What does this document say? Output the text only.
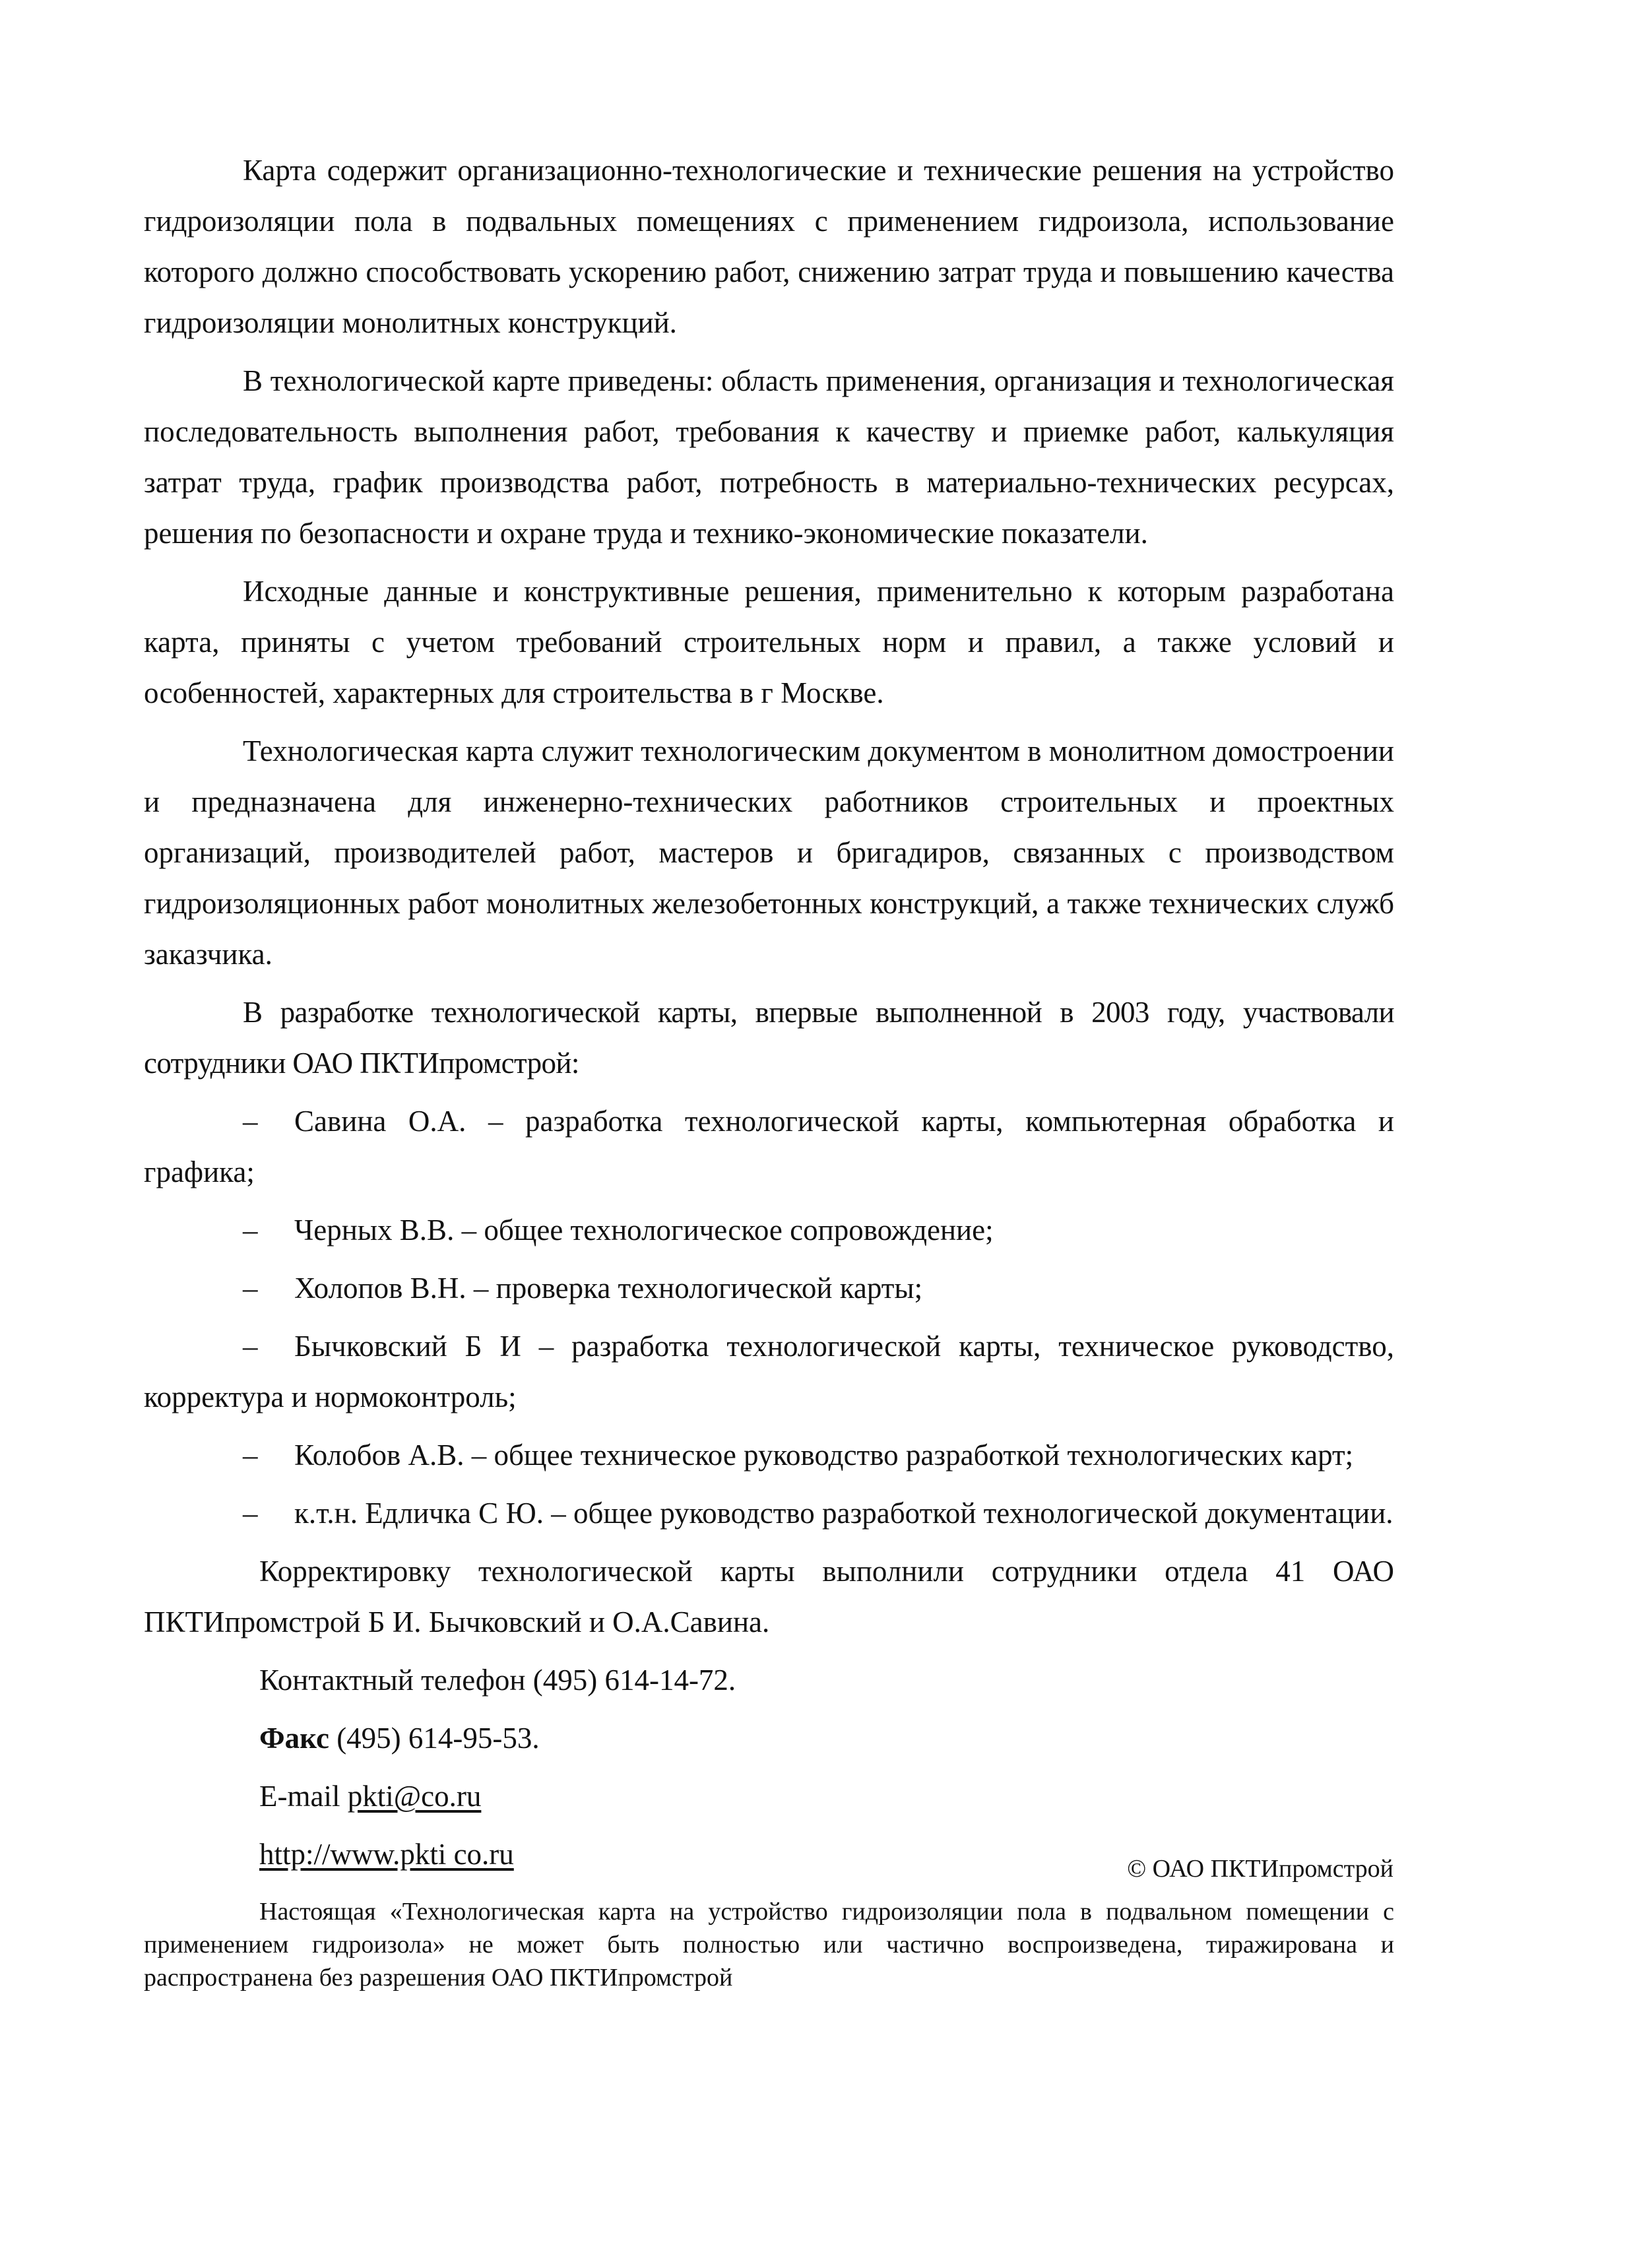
Карта содержит организационно-технологические и технические решения на устройство гидроизоляции пола в подвальных помещениях с применением гидроизола, использование которого должно способствовать ускорению работ, снижению затрат труда и повышению качества гидроизоляции монолитных конструкций.

В технологической карте приведены: область применения, организация и технологическая последовательность выполнения работ, требования к качеству и приемке работ, калькуляция затрат труда, график производства работ, потребность в материально-технических ресурсах, решения по безопасности и охране труда и технико-экономические показатели.

Исходные данные и конструктивные решения, применительно к которым разработана карта, приняты с учетом требований строительных норм и правил, а также условий и особенностей, характерных для строительства в г Москве.

Технологическая карта служит технологическим документом в монолитном домостроении и предназначена для инженерно-технических работников строительных и проектных организаций, производителей работ, мастеров и бригадиров, связанных с производством гидроизоляционных работ монолитных железобетонных конструкций, а также технических служб заказчика.

В разработке технологической карты, впервые выполненной в 2003 году, участвовали сотрудники ОАО ПКТИпромстрой:

– Савина О.А. – разработка технологической карты, компьютерная обработка и графика;
– Черных В.В. – общее технологическое сопровождение;
– Холопов В.Н. – проверка технологической карты;
– Бычковский Б И – разработка технологической карты, техническое руководство, корректура и нормоконтроль;
– Колобов А.В. – общее техническое руководство разработкой технологических карт;
– к.т.н. Едличка С Ю. – общее руководство разработкой технологической документации.

Корректировку технологической карты выполнили сотрудники отдела 41 ОАО ПКТИпромстрой Б И. Бычковский и О.А.Савина.

Контактный телефон (495) 614-14-72.
Факс (495) 614-95-53.
E-mail pkti@co.ru
http://www.pkti co.ru	© ОАО ПКТИпромстрой
Настоящая «Технологическая карта на устройство гидроизоляции пола в подвальном помещении с применением гидроизола» не может быть полностью или частично воспроизведена, тиражирована и распространена без разрешения ОАО ПКТИпромстрой
